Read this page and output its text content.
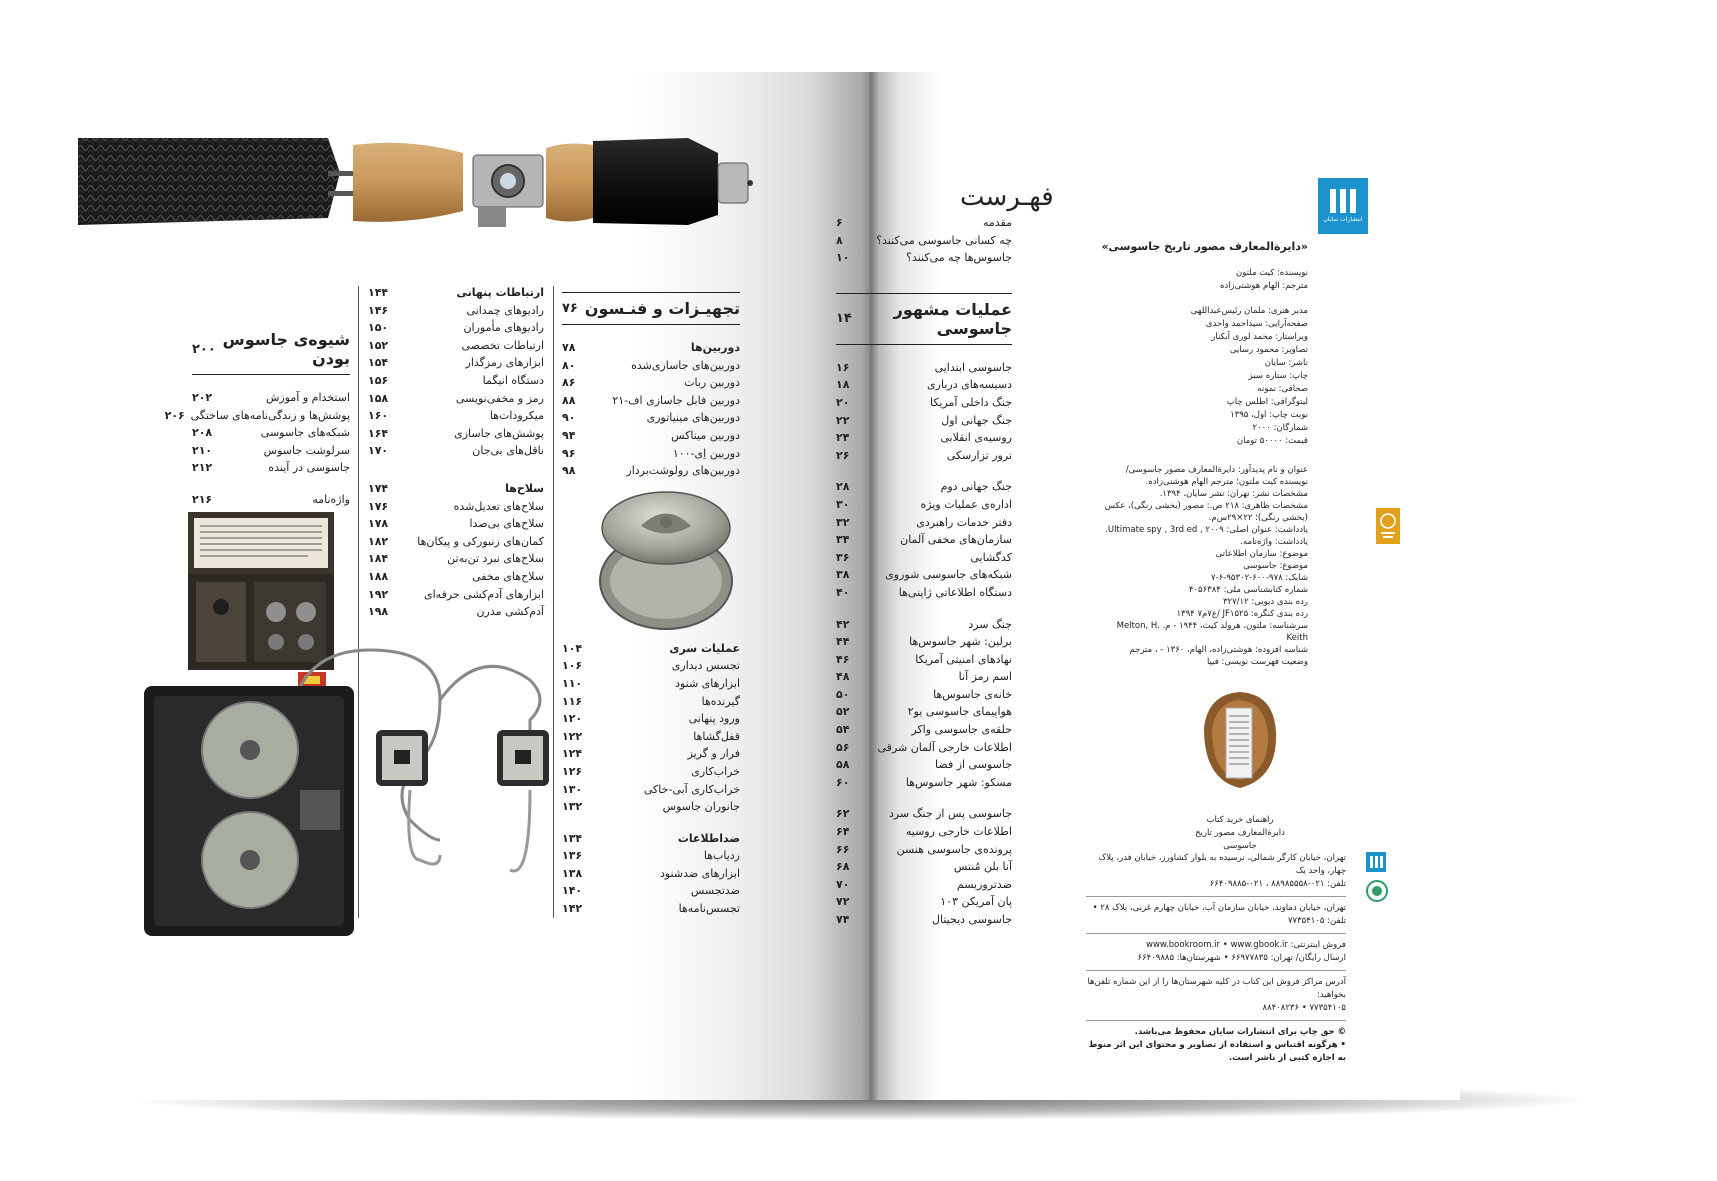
تجهیـزات و فنـسون
۷۶
دوربین‌ها
۷۸
دوربین‌های جاسازی‌شده
۸۰
دوربین ربات
۸۶
دوربین فابل جاسازی اف-۲۱
۸۸
دوربین‌های مینیاتوری
۹۰
دوربین میناکس
۹۴
دوربین اِی-۱۰۰
۹۶
دوربین‌های رولوشت‌بردار
۹۸
عملیات سری
۱۰۴
تجسس دیداری
۱۰۶
ابزارهای شنود
۱۱۰
گیرنده‌ها
۱۱۶
ورود پنهانی
۱۲۰
قفل‌گشاها
۱۲۲
فرار و گریز
۱۲۴
خراب‌کاری
۱۲۶
خراب‌کاری آبی-خاکی
۱۳۰
جانوران جاسوس
۱۳۲
ضداطلاعات
۱۳۴
ردیاب‌ها
۱۳۶
ابزارهای ضدشنود
۱۳۸
ضدتجسس
۱۴۰
تجسس‌نامه‌ها
۱۴۲
ارتباطات پنهانی
۱۴۴
رادیوهای چمدانی
۱۴۶
رادیوهای مأموران
۱۵۰
ارتباطات تخصصی
۱۵۲
ابزارهای رمزگذار
۱۵۴
دستگاه انیگما
۱۵۶
رمز و مخفی‌نویسی
۱۵۸
میکرودات‌ها
۱۶۰
پوشش‌های جاسازی
۱۶۴
ناقل‌های بی‌جان
۱۷۰
سلاح‌ها
۱۷۴
سلاح‌های تعدیل‌شده
۱۷۶
سلاح‌های بی‌صدا
۱۷۸
کمان‌های زنبورکی و پیکان‌ها
۱۸۲
سلاح‌های نبرد تن‌به‌تن
۱۸۴
سلاح‌های مخفی
۱۸۸
ابزارهای آدم‌کشی حرفه‌ای
۱۹۲
آدم‌کشی مدرن
۱۹۸
شیوه‌ی جاسوس بودن
۲۰۰
استخدام و آموزش
۲۰۲
پوشش‌ها و زندگی‌نامه‌های ساختگی
۲۰۶
شبکه‌های جاسوسی
۲۰۸
سرلوشت جاسوس
۲۱۰
جاسوسی در آینده
۲۱۲
واژه‌نامه
۲۱۶
فهـرست
مقدمه
۶
چه کسانی جاسوسی می‌کنند؟
۸
جاسوس‌ها چه می‌کنند؟
۱۰
عملیات مشهور جاسوسی
۱۴
جاسوسی ابتدایی
۱۶
دسیسه‌های درباری
۱۸
جنگ داخلی آمریکا
۲۰
جنگ جهانی اول
۲۲
روسیه‌ی انقلابی
۲۴
ترور تزارسکی
۲۶
جنگ جهانی دوم
۲۸
اداره‌ی عملیات ویژه
۳۰
دفتر خدمات راهبردی
۳۲
سازمان‌های مخفی آلمان
۳۴
کدگشایی
۳۶
شبکه‌های جاسوسی شوروی
۳۸
دستگاه اطلاعاتی ژاپنی‌ها
۴۰
جنگ سرد
۴۲
برلین: شهر جاسوس‌ها
۴۴
نهادهای امنیتی آمریکا
۴۶
اسم رمز آنا
۴۸
خانه‌ی جاسوس‌ها
۵۰
هواپیمای جاسوسی یو۲
۵۲
حلقه‌ی جاسوسی واکر
۵۴
اطلاعات خارجی آلمان شرقی
۵۶
جاسوسی از فضا
۵۸
مسکو: شهر جاسوس‌ها
۶۰
جاسوسی پس از جنگ سرد
۶۲
اطلاعات خارجی روسیه
۶۴
پرونده‌ی جاسوسی هنسن
۶۶
آنا بلن مُنتس
۶۸
ضدتروریسم
۷۰
پان آمریکن ۱۰۳
۷۲
جاسوسی دیجیتال
۷۴
انتشارات سایان
«دایرة‌المعارف مصور تاریخ جاسوسی»
نویسنده: کیت ملتون
مترجم: الهام هوشتی‌زاده
مدیر هنری: ملمان رئیس‌عبداللهی
صفحه‌آرایی: سیداحمد واحدی
ویراستار: محمد لوری آبکنار
تصاویر: محمود رسایی
ناشر: سایان
چاپ: ستاره سبز
صحافی: نمونه
لیتوگرافی: اطلس چاپ
نوبت چاپ: اول، ۱۳۹۵
شمارگان: ۲۰۰۰
قیمت: ۵۰۰۰۰ تومان
عنوان و نام پدیدآور: دایرة‌المعارف مصور جاسوسی/ نویسنده کیت ملتون؛ مترجم الهام هوشتی‌زاده.
مشخصات نشر: تهران: نشر سایان، ۱۳۹۴.
مشخصات ظاهری: ۲۱۸ ص.: مصور (بخشی رنگی)، عکس (بخشی رنگی)؛ ۲۲×۲۹س‌م.
یادداشت: عنوان اصلی: Ultimate spy , 3rd ed , ۲۰۰۹.
یادداشت: واژه‌نامه.
موضوع: سازمان اطلاعاتی
موضوع: جاسوسی
شابک: ۹۷۸-۶۰۰-۹۵۳۰۲-۶-۷
شماره کتابشناسی ملی: ۴۰۵۶۳۸۴
رده بندی دیویی: ۳۲۷/۱۲
رده بندی کنگره: JF۱۵۲۵ /ع۷م۷ ۱۳۹۴
سرشناسه: ملتون، هرولد کیث، ۱۹۴۴ - م. Melton, H. Keith
شناسه افزوده: هوشتی‌زاده، الهام، ۱۳۶۰ - ، مترجم
وضعیت فهرست نویسی: فیپا
راهنمای خرید کتاب
دایرة‌المعارف مصور تاریخ جاسوسی
تهران، خیابان کارگر شمالی، نرسیده به بلوار کشاورز، خیابان فدر، پلاک چهار، واحد یک
تلفن: ۰۲۱-۸۸۹۸۵۵۵۸ ، ۰۲۱-۶۶۴۰۹۸۸۵
تهران، خیابان دماوند، خیابان سازمان آب، خیابان چهارم غربی، پلاک ۲۸ • تلفن: ۷۷۳۵۴۱۰۵
فروش اینترنتی: www.bookroom.ir • www.gbook.ir
ارسال رایگان/ تهران: ۶۶۹۷۷۸۳۵ • شهرستان‌ها: ۶۶۴۰۹۸۸۵
آدرس مراکز فروش این کتاب در کلیه شهرستان‌ها را از این شماره تلفن‌ها بخواهید:
۷۷۳۵۴۱۰۵ • ۸۸۴۰۸۲۳۶
© حق چاپ برای انتشارات سایان محفوظ می‌باشد.
• هرگونه اقتباس و استفاده از تصاویر و محتوای این اثر منوط به اجازه کتبی از ناشر است.
